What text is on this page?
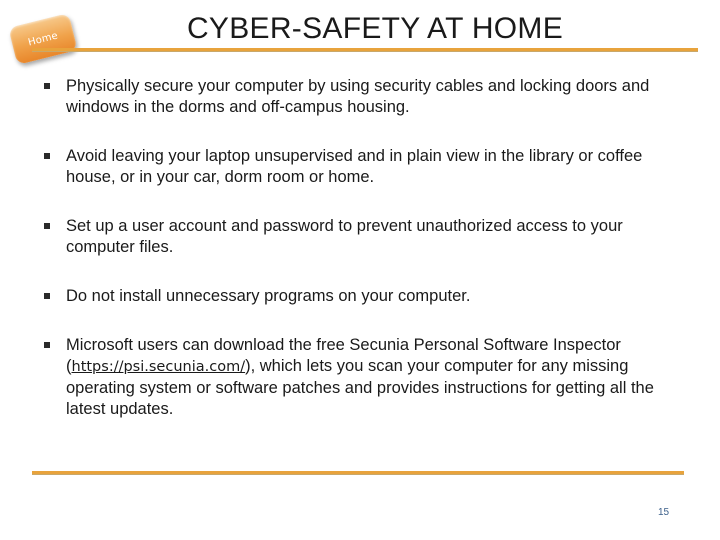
Home	CYBER-SAFETY AT HOME
Physically secure your computer by using security cables and locking doors and windows in the dorms and off-campus housing.
Avoid leaving your laptop unsupervised and in plain view in the library or coffee house, or in your car, dorm room or home.
Set up a user account and password to prevent unauthorized access to your computer files.
Do not install unnecessary programs on your computer.
Microsoft users can download the free Secunia Personal Software Inspector (https://psi.secunia.com/), which lets you scan your computer for any missing operating system or software patches and provides instructions for getting all the latest updates.
15
